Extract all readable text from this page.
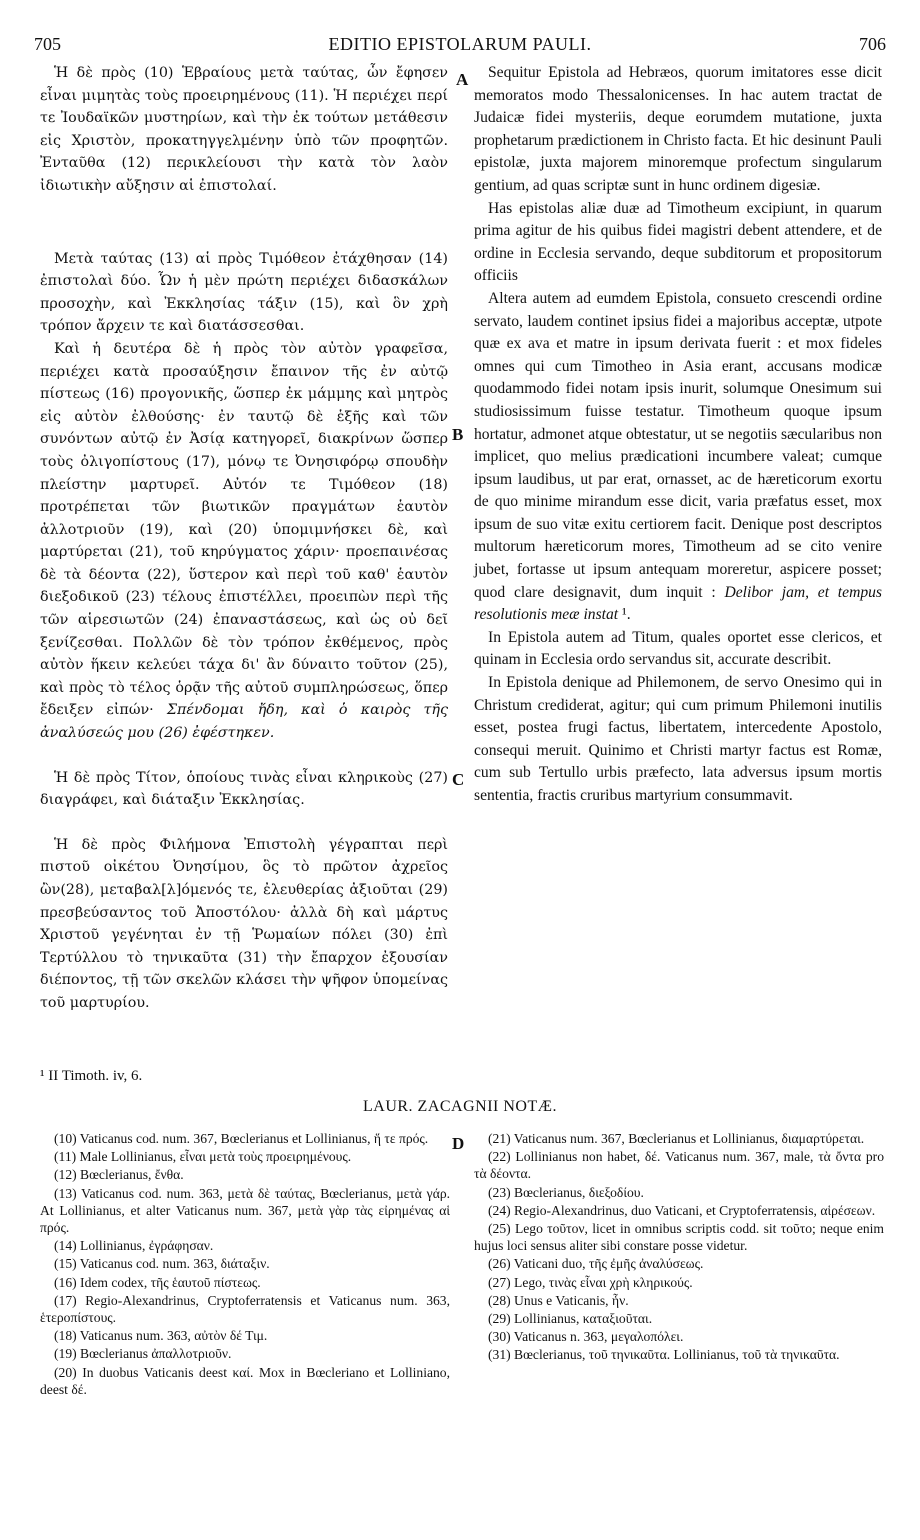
705	EDITIO EPISTOLARUM PAULI.	706
A
B
C
D

Ἡ δὲ πρὸς (10) Ἑβραίους μετὰ ταύτας, ὧν ἔφησεν εἶναι μιμητὰς τοὺς προειρημένους (11). Ἡ περιέχει περί τε Ἰουδαϊκῶν μυστηρίων, καὶ τὴν ἐκ τούτων μετάθεσιν εἰς Χριστὸν, προκατηγγελμένην ὑπὸ τῶν προφητῶν. Ἐνταῦθα (12) περικλείουσι τὴν κατὰ τὸν λαὸν ἰδιωτικὴν αὔξησιν αἱ ἐπιστολαί.

Μετὰ ταύτας (13) αἱ πρὸς Τιμόθεον ἐτάχθησαν (14) ἐπιστολαὶ δύο. Ὧν ἡ μὲν πρώτη περιέχει διδασκάλων προσοχὴν, καὶ Ἐκκλησίας τάξιν (15), καὶ ὃν χρὴ τρόπον ἄρχειν τε καὶ διατάσσεσθαι.

Καὶ ἡ δευτέρα δὲ ἡ πρὸς τὸν αὐτὸν γραφεῖσα, περιέχει κατὰ προσαύξησιν ἔπαινον τῆς ἐν αὐτῷ πίστεως (16) προγονικῆς, ὥσπερ ἐκ μάμμης καὶ μητρὸς εἰς αὐτὸν ἐλθούσης· ἐν ταυτῷ δὲ ἑξῆς καὶ τῶν συνόντων αὐτῷ ἐν Ἀσίᾳ κατηγορεῖ, διακρίνων ὥσπερ τοὺς ὀλιγοπίστους (17), μόνῳ τε Ὀνησιφόρῳ σπουδὴν πλείστην μαρτυρεῖ. Αὐτόν τε Τιμόθεον (18) προτρέπεται τῶν βιωτικῶν πραγμάτων ἑαυτὸν ἀλλοτριοῦν (19), καὶ (20) ὑπομιμνήσκει δὲ, καὶ μαρτύρεται (21), τοῦ κηρύγματος χάριν· προεπαινέσας δὲ τὰ δέοντα (22), ὕστερον καὶ περὶ τοῦ καθ' ἑαυτὸν διεξοδικοῦ (23) τέλους ἐπιστέλλει, προειπὼν περὶ τῆς τῶν αἱρεσιωτῶν (24) ἐπαναστάσεως, καὶ ὡς οὐ δεῖ ξενίζεσθαι. Πολλῶν δὲ τὸν τρόπον ἐκθέμενος, πρὸς αὐτὸν ἥκειν κελεύει τάχα δι' ἂν δύναιτο τοῦτον (25), καὶ πρὸς τὸ τέλος ὁρᾷν τῆς αὐτοῦ συμπληρώσεως, ὅπερ ἔδειξεν εἰπών· Σπένδομαι ἤδη, καὶ ὁ καιρὸς τῆς ἀναλύσεώς μου (26) ἐφέστηκεν.

Ἡ δὲ πρὸς Τίτον, ὁποίους τινὰς εἶναι κληρικοὺς (27) διαγράφει, καὶ διάταξιν Ἐκκλησίας.

Ἡ δὲ πρὸς Φιλήμονα Ἐπιστολὴ γέγραπται περὶ πιστοῦ οἰκέτου Ὀνησίμου, ὃς τὸ πρῶτον ἀχρεῖος ὢν(28), μεταβαλ[λ]όμενός τε, ἐλευθερίας ἀξιοῦται (29) πρεσβεύσαντος τοῦ Ἀποστόλου· ἀλλὰ δὴ καὶ μάρτυς Χριστοῦ γεγένηται ἐν τῇ Ῥωμαίων πόλει (30) ἐπὶ Τερτύλλου τὸ τηνικαῦτα (31) τὴν ἔπαρχον ἐξουσίαν διέποντος, τῇ τῶν σκελῶν κλάσει τὴν ψῆφον ὑπομείνας τοῦ μαρτυρίου.

Sequitur Epistola ad Hebræos, quorum imitatores esse dicit memoratos modo Thessalonicenses. In hac autem tractat de Judaicæ fidei mysteriis, deque eorumdem mutatione, juxta prophetarum prædictionem in Christo facta. Et hic desinunt Pauli epistolæ, juxta majorem minoremque profectum singularum gentium, ad quas scriptæ sunt in hunc ordinem digesiæ.

Has epistolas aliæ duæ ad Timotheum excipiunt, in quarum prima agitur de his quibus fidei magistri debent attendere, et de ordine in Ecclesia servando, deque subditorum et propositorum officiis

Altera autem ad eumdem Epistola, consueto crescendi ordine servato, laudem continet ipsius fidei a majoribus acceptæ, utpote quæ ex ava et matre in ipsum derivata fuerit : et mox fideles omnes qui cum Timotheo in Asia erant, accusans modicæ quodammodo fidei notam ipsis inurit, solumque Onesimum sui studiosissimum fuisse testatur. Timotheum quoque ipsum hortatur, admonet atque obtestatur, ut se negotiis sæcularibus non implicet, quo melius prædicationi incumbere valeat; cumque ipsum laudibus, ut par erat, ornasset, ac de hæreticorum exortu de quo minime mirandum esse dicit, varia præfatus esset, mox ipsum de suo vitæ exitu certiorem facit. Denique post descriptos multorum hæreticorum mores, Timotheum ad se cito venire jubet, fortasse ut ipsum antequam moreretur, aspicere posset; quod clare designavit, dum inquit : Delibor jam, et tempus resolutionis meæ instat ¹.

In Epistola autem ad Titum, quales oportet esse clericos, et quinam in Ecclesia ordo servandus sit, accurate describit.

In Epistola denique ad Philemonem, de servo Onesimo qui in Christum crediderat, agitur; qui cum primum Philemoni inutilis esset, postea frugi factus, libertatem, intercedente Apostolo, consequi meruit. Quinimo et Christi martyr factus est Romæ, cum sub Tertullo urbis præfecto, lata adversus ipsum mortis sententia, fractis cruribus martyrium consummavit.

¹ II Timoth. iv, 6.
LAUR. ZACAGNII NOTÆ.

(10) Vaticanus cod. num. 367, Bœclerianus et Lollinianus, ἥ τε πρός.

(11) Male Lollinianus, εἶναι μετὰ τοὺς προειρημένους.

(12) Bœclerianus, ἔνθα.

(13) Vaticanus cod. num. 363, μετὰ δὲ ταύτας, Bœclerianus, μετὰ γάρ. At Lollinianus, et alter Vaticanus num. 367, μετὰ γὰρ τὰς εἰρημένας αἱ πρός.

(14) Lollinianus, ἐγράφησαν.

(15) Vaticanus cod. num. 363, διάταξιν.

(16) Idem codex, τῆς ἑαυτοῦ πίστεως.

(17) Regio-Alexandrinus, Cryptoferratensis et Vaticanus num. 363, ἑτεροπίστους.

(18) Vaticanus num. 363, αὐτὸν δέ Τιμ.

(19) Bœclerianus ἀπαλλοτριοῦν.

(20) In duobus Vaticanis deest καί. Mox in Bœcleriano et Lolliniano, deest δέ.

(21) Vaticanus num. 367, Bœclerianus et Lollinianus, διαμαρτύρεται.

(22) Lollinianus non habet, δέ. Vaticanus num. 367, male, τὰ ὄντα pro τὰ δέοντα.

(23) Bœclerianus, διεξοδίου.

(24) Regio-Alexandrinus, duo Vaticani, et Cryptoferratensis, αἱρέσεων.

(25) Lego τοῦτον, licet in omnibus scriptis codd. sit τοῦτο; neque enim hujus loci sensus aliter sibi constare posse videtur.

(26) Vaticani duo, τῆς ἐμῆς ἀναλύσεως.

(27) Lego, τινὰς εἶναι χρὴ κληρικούς.

(28) Unus e Vaticanis, ἦν.

(29) Lollinianus, καταξιοῦται.

(30) Vaticanus n. 363, μεγαλοπόλει.

(31) Bœclerianus, τοῦ τηνικαῦτα. Lollinianus, τοῦ τὰ τηνικαῦτα.
